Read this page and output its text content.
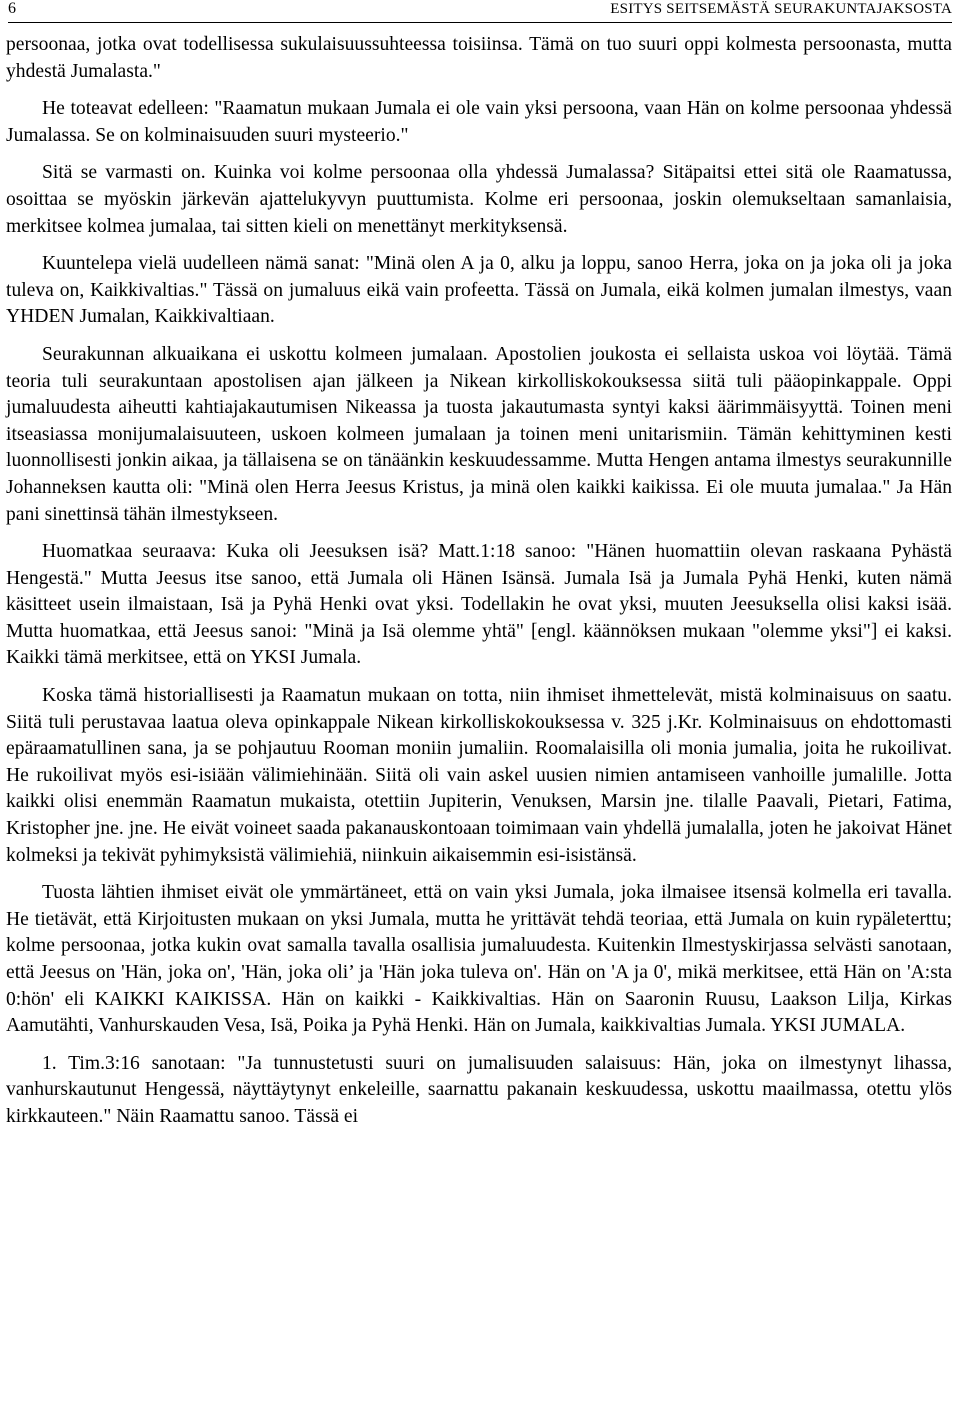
6	ESITYS SEITSEMÄSTÄ SEURAKUNTAJAKSOSTA

persoonaa, jotka ovat todellisessa sukulaisuussuhteessa toisiinsa. Tämä on tuo suuri oppi kolmesta persoonasta, mutta yhdestä Jumalasta."

He toteavat edelleen: "Raamatun mukaan Jumala ei ole vain yksi persoona, vaan Hän on kolme persoonaa yhdessä Jumalassa. Se on kolminaisuuden suuri mysteerio."

Sitä se varmasti on. Kuinka voi kolme persoonaa olla yhdessä Jumalassa? Sitäpaitsi ettei sitä ole Raamatussa, osoittaa se myöskin järkevän ajattelukyvyn puuttumista. Kolme eri persoonaa, joskin olemukseltaan samanlaisia, merkitsee kolmea jumalaa, tai sitten kieli on menettänyt merkityksensä.

Kuuntelepa vielä uudelleen nämä sanat: "Minä olen A ja 0, alku ja loppu, sanoo Herra, joka on ja joka oli ja joka tuleva on, Kaikkivaltias." Tässä on jumaluus eikä vain profeetta. Tässä on Jumala, eikä kolmen jumalan ilmestys, vaan YHDEN Jumalan, Kaikkivaltiaan.

Seurakunnan alkuaikana ei uskottu kolmeen jumalaan. Apostolien joukosta ei sellaista uskoa voi löytää. Tämä teoria tuli seurakuntaan apostolisen ajan jälkeen ja Nikean kirkolliskokouksessa siitä tuli pääopinkappale. Oppi jumaluudesta aiheutti kahtiajakautumisen Nikeassa ja tuosta jakautumasta syntyi kaksi äärimmäisyyttä. Toinen meni itseasiassa monijumalaisuuteen, uskoen kolmeen jumalaan ja toinen meni unitarismiin. Tämän kehittyminen kesti luonnollisesti jonkin aikaa, ja tällaisena se on tänäänkin keskuudessamme. Mutta Hengen antama ilmestys seurakunnille Johanneksen kautta oli: "Minä olen Herra Jeesus Kristus, ja minä olen kaikki kaikissa. Ei ole muuta jumalaa." Ja Hän pani sinettinsä tähän ilmestykseen.

Huomatkaa seuraava: Kuka oli Jeesuksen isä? Matt.1:18 sanoo: "Hänen huomattiin olevan raskaana Pyhästä Hengestä." Mutta Jeesus itse sanoo, että Jumala oli Hänen Isänsä. Jumala Isä ja Jumala Pyhä Henki, kuten nämä käsitteet usein ilmaistaan, Isä ja Pyhä Henki ovat yksi. Todellakin he ovat yksi, muuten Jeesuksella olisi kaksi isää. Mutta huomatkaa, että Jeesus sanoi: "Minä ja Isä olemme yhtä" [engl. käännöksen mukaan "olemme yksi"] ei kaksi. Kaikki tämä merkitsee, että on YKSI Jumala.

Koska tämä historiallisesti ja Raamatun mukaan on totta, niin ihmiset ihmettelevät, mistä kolminaisuus on saatu. Siitä tuli perustavaa laatua oleva opinkappale Nikean kirkolliskokouksessa v. 325 j.Kr. Kolminaisuus on ehdottomasti epäraamatullinen sana, ja se pohjautuu Rooman moniin jumaliin. Roomalaisilla oli monia jumalia, joita he rukoilivat. He rukoilivat myös esi-isiään välimiehinään. Siitä oli vain askel uusien nimien antamiseen vanhoille jumalille. Jotta kaikki olisi enemmän Raamatun mukaista, otettiin Jupiterin, Venuksen, Marsin jne. tilalle Paavali, Pietari, Fatima, Kristopher jne. jne. He eivät voineet saada pakanauskontoaan toimimaan vain yhdellä jumalalla, joten he jakoivat Hänet kolmeksi ja tekivät pyhimyksistä välimiehiä, niinkuin aikaisemmin esi-isistänsä.

Tuosta lähtien ihmiset eivät ole ymmärtäneet, että on vain yksi Jumala, joka ilmaisee itsensä kolmella eri tavalla. He tietävät, että Kirjoitusten mukaan on yksi Jumala, mutta he yrittävät tehdä teoriaa, että Jumala on kuin rypäleterttu; kolme persoonaa, jotka kukin ovat samalla tavalla osallisia jumaluudesta. Kuitenkin Ilmestyskirjassa selvästi sanotaan, että Jeesus on 'Hän, joka on', 'Hän, joka oli’ ja 'Hän joka tuleva on'. Hän on 'A ja 0', mikä merkitsee, että Hän on 'A:sta 0:hön' eli KAIKKI KAIKISSA. Hän on kaikki - Kaikkivaltias. Hän on Saaronin Ruusu, Laakson Lilja, Kirkas Aamutähti, Vanhurskauden Vesa, Isä, Poika ja Pyhä Henki. Hän on Jumala, kaikkivaltias Jumala. YKSI JUMALA.

1. Tim.3:16 sanotaan: "Ja tunnustetusti suuri on jumalisuuden salaisuus: Hän, joka on ilmestynyt lihassa, vanhurskautunut Hengessä, näyttäytynyt enkeleille, saarnattu pakanain keskuudessa, uskottu maailmassa, otettu ylös kirkkauteen." Näin Raamattu sanoo. Tässä ei
